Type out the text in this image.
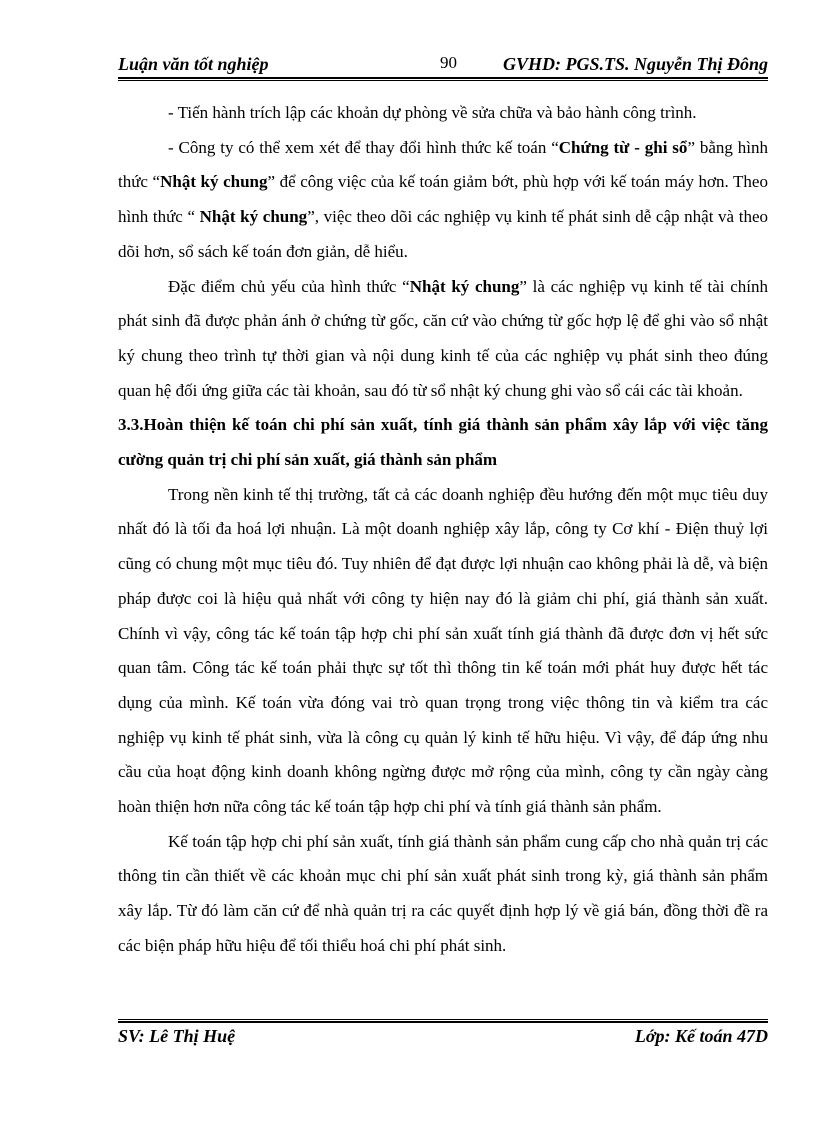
Luận văn tốt nghiệp	90	GVHD: PGS.TS. Nguyễn Thị Đông

- Tiến hành trích lập các khoản dự phòng về sửa chữa và bảo hành công trình.

- Công ty có thể xem xét để thay đổi hình thức kế toán “Chứng từ - ghi sổ” bằng hình thức “Nhật ký chung” để công việc của kế toán giảm bớt, phù hợp với kế toán máy hơn. Theo hình thức “ Nhật ký chung”, việc theo dõi các nghiệp vụ kinh tế phát sinh dễ cập nhật và theo dõi hơn, sổ sách kế toán đơn giản, dễ hiểu.

Đặc điểm chủ yếu của hình thức “Nhật ký chung” là các nghiệp vụ kinh tế tài chính phát sinh đã được phản ánh ở chứng từ gốc, căn cứ vào chứng từ gốc hợp lệ để ghi vào sổ nhật ký chung theo trình tự thời gian và nội dung kinh tế của các nghiệp vụ phát sinh theo đúng quan hệ đối ứng giữa các tài khoản, sau đó từ sổ nhật ký chung ghi vào sổ cái các tài khoản.

3.3.Hoàn thiện kế toán chi phí sản xuất, tính giá thành sản phẩm xây lắp với việc tăng cường quản trị chi phí sản xuất, giá thành sản phẩm

Trong nền kinh tế thị trường, tất cả các doanh nghiệp đều hướng đến một mục tiêu duy nhất đó là tối đa hoá lợi nhuận. Là một doanh nghiệp xây lắp, công ty Cơ khí - Điện thuỷ lợi cũng có chung một mục tiêu đó. Tuy nhiên để đạt được lợi nhuận cao không phải là dễ, và biện pháp được coi là hiệu quả nhất với công ty hiện nay đó là giảm chi phí, giá thành sản xuất. Chính vì vậy, công tác kế toán tập hợp chi phí sản xuất tính giá thành đã được đơn vị hết sức quan tâm. Công tác kế toán phải thực sự tốt thì thông tin kế toán mới phát huy được hết tác dụng của mình. Kế toán vừa đóng vai trò quan trọng trong việc thông tin và kiểm tra các nghiệp vụ kinh tế phát sinh, vừa là công cụ quản lý kinh tế hữu hiệu. Vì vậy, để đáp ứng nhu cầu của hoạt động kinh doanh không ngừng được mở rộng của mình, công ty cần ngày càng hoàn thiện hơn nữa công tác kế toán tập hợp chi phí và tính giá thành sản phẩm.

Kế toán tập hợp chi phí sản xuất, tính giá thành sản phẩm cung cấp cho nhà quản trị các thông tin cần thiết về các khoản mục chi phí sản xuất phát sinh trong kỳ, giá thành sản phẩm xây lắp. Từ đó làm căn cứ để nhà quản trị ra các quyết định hợp lý về giá bán, đồng thời đề ra các biện pháp hữu hiệu để tối thiểu hoá chi phí phát sinh.

SV: Lê Thị Huệ	Lớp: Kế toán 47D
